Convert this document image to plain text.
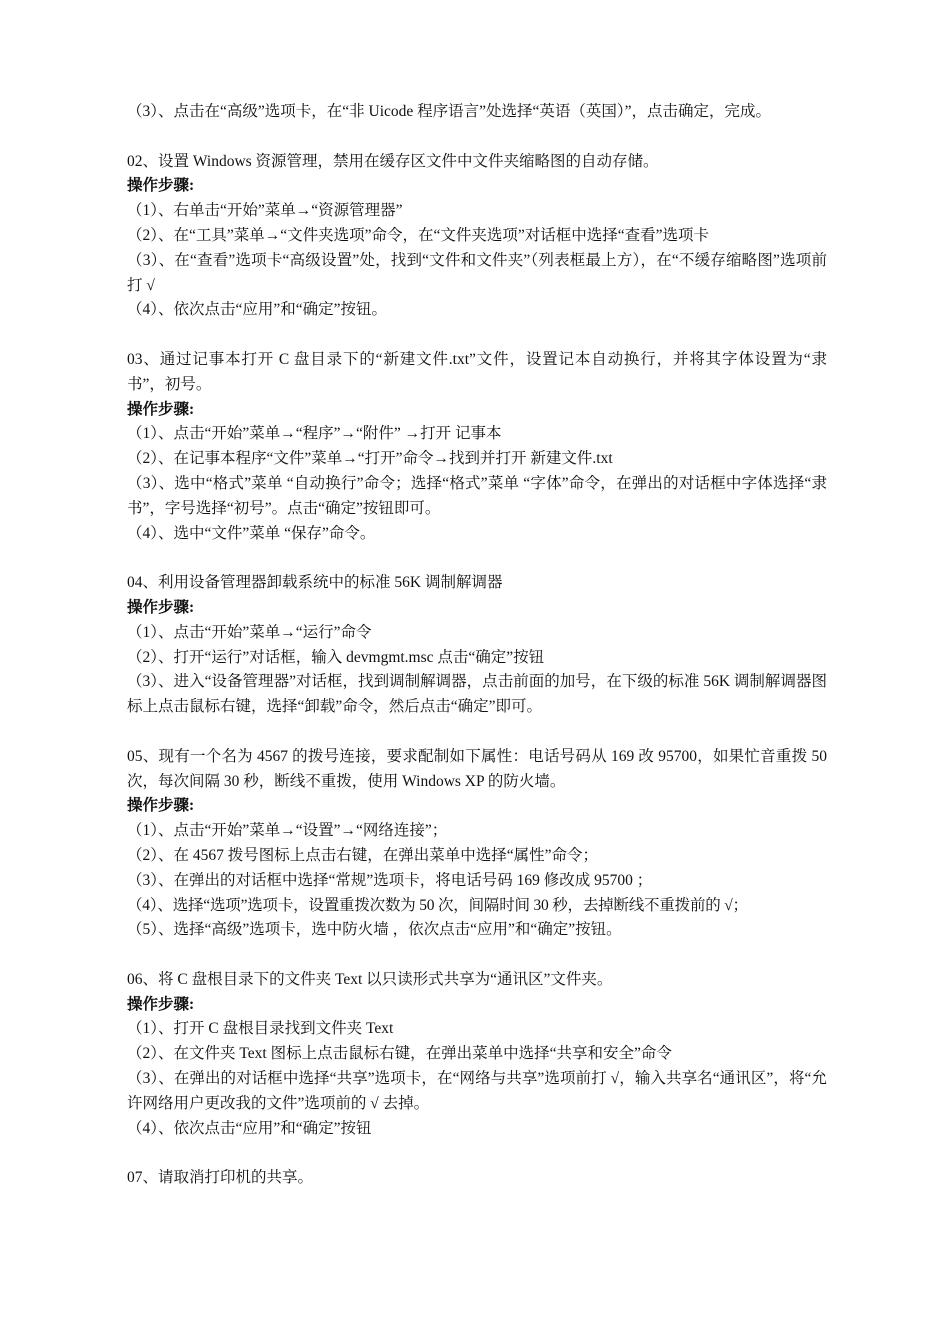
（3）、点击在“高级”选项卡，在“非 Uicode 程序语言”处选择“英语（英国）”，点击确定，完成。
02、设置 Windows 资源管理，禁用在缓存区文件中文件夹缩略图的自动存储。
操作步骤:
（1）、右单击“开始”菜单→“资源管理器”
（2）、在“工具”菜单→“文件夹选项”命令，在“文件夹选项”对话框中选择“查看”选项卡
（3）、在“查看”选项卡“高级设置”处，找到“文件和文件夹”（列表框最上方），在“不缓存缩略图”选项前打 √
（4）、依次点击“应用”和“确定”按钮。
03、通过记事本打开 C 盘目录下的“新建文件.txt”文件，设置记本自动换行，并将其字体设置为“隶书”，初号。
操作步骤:
（1）、点击“开始”菜单→“程序”→“附件” →打开 记事本
（2）、在记事本程序“文件”菜单→“打开”命令→找到并打开 新建文件.txt
（3）、选中“格式”菜单 “自动换行”命令；选择“格式”菜单 “字体”命令，在弹出的对话框中字体选择“隶书”，字号选择“初号”。点击“确定”按钮即可。
（4）、选中“文件”菜单 “保存”命令。
04、利用设备管理器卸载系统中的标准 56K 调制解调器
操作步骤:
（1）、点击“开始”菜单→“运行”命令
（2）、打开“运行”对话框，输入 devmgmt.msc 点击“确定”按钮
（3）、进入“设备管理器”对话框，找到调制解调器，点击前面的加号，在下级的标准 56K 调制解调器图标上点击鼠标右键，选择“卸载”命令，然后点击“确定”即可。
05、现有一个名为 4567 的拨号连接，要求配制如下属性：电话号码从 169 改 95700，如果忙音重拨 50 次，每次间隔 30 秒，断线不重拨，使用 Windows XP 的防火墙。
操作步骤:
（1）、点击“开始”菜单→“设置”→“网络连接”；
（2）、在 4567 拨号图标上点击右键，在弹出菜单中选择“属性”命令；
（3）、在弹出的对话框中选择“常规”选项卡，将电话号码 169 修改成 95700 ；
（4）、选择“选项”选项卡，设置重拨次数为 50 次，间隔时间 30 秒，去掉断线不重拨前的 √；
（5）、选择“高级”选项卡，选中防火墙 ，依次点击“应用”和“确定”按钮。
06、将 C 盘根目录下的文件夹 Text 以只读形式共享为“通讯区”文件夹。
操作步骤:
（1）、打开 C 盘根目录找到文件夹 Text
（2）、在文件夹 Text 图标上点击鼠标右键，在弹出菜单中选择“共享和安全”命令
（3）、在弹出的对话框中选择“共享”选项卡，在“网络与共享”选项前打 √，输入共享名“通讯区”，将“允许网络用户更改我的文件”选项前的 √ 去掉。
（4）、依次点击“应用”和“确定”按钮
07、请取消打印机的共享。
